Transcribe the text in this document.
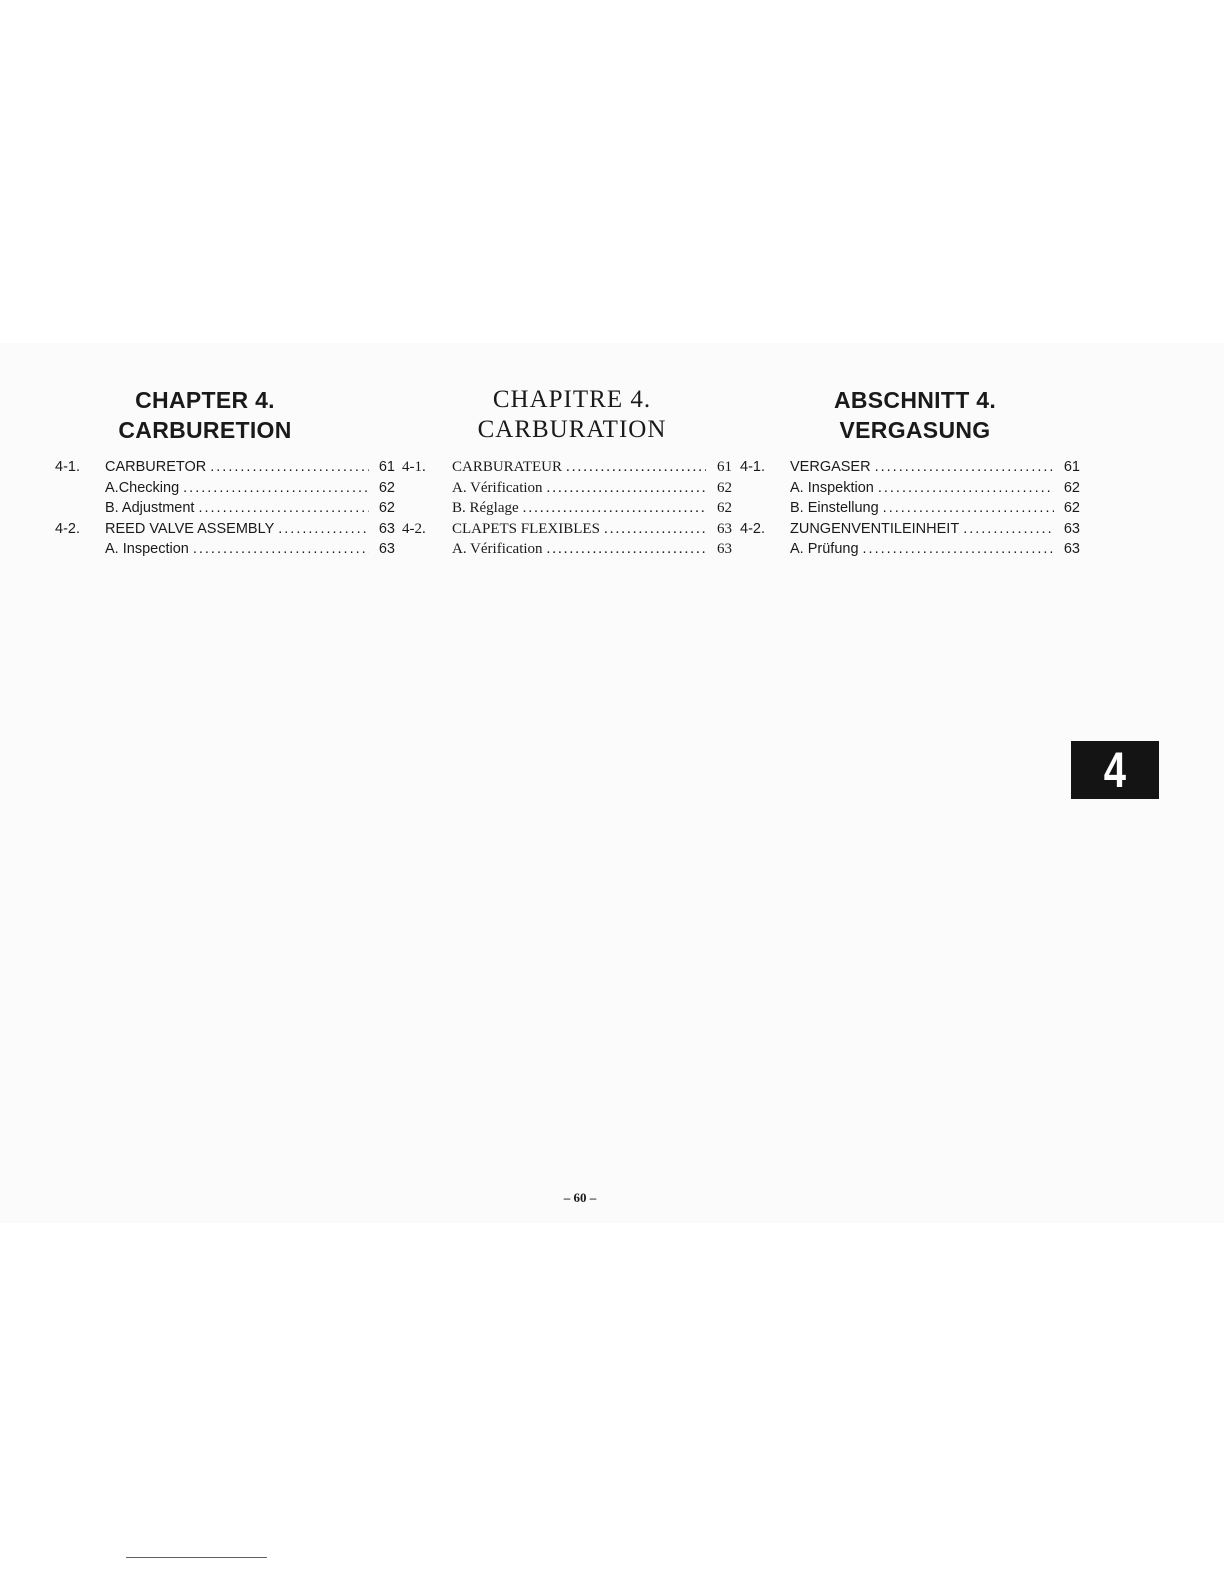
CHAPTER 4.
CARBURETION
4-1.	CARBURETOR .....	61
A.Checking .....	62
B. Adjustment .....	62
4-2.	REED VALVE ASSEMBLY .....	63
A. Inspection .....	63
CHAPITRE 4.
CARBURATION
4-1.	CARBURATEUR .....	61
A. Vérification .....	62
B. Réglage .....	62
4-2.	CLAPETS FLEXIBLES .....	63
A. Vérification .....	63
ABSCHNITT 4.
VERGASUNG
4-1.	VERGASER .....	61
A. Inspektion .....	62
B. Einstellung .....	62
4-2.	ZUNGENVENTILEINHEIT .....	63
A. Prüfung .....	63
4
– 60 –
